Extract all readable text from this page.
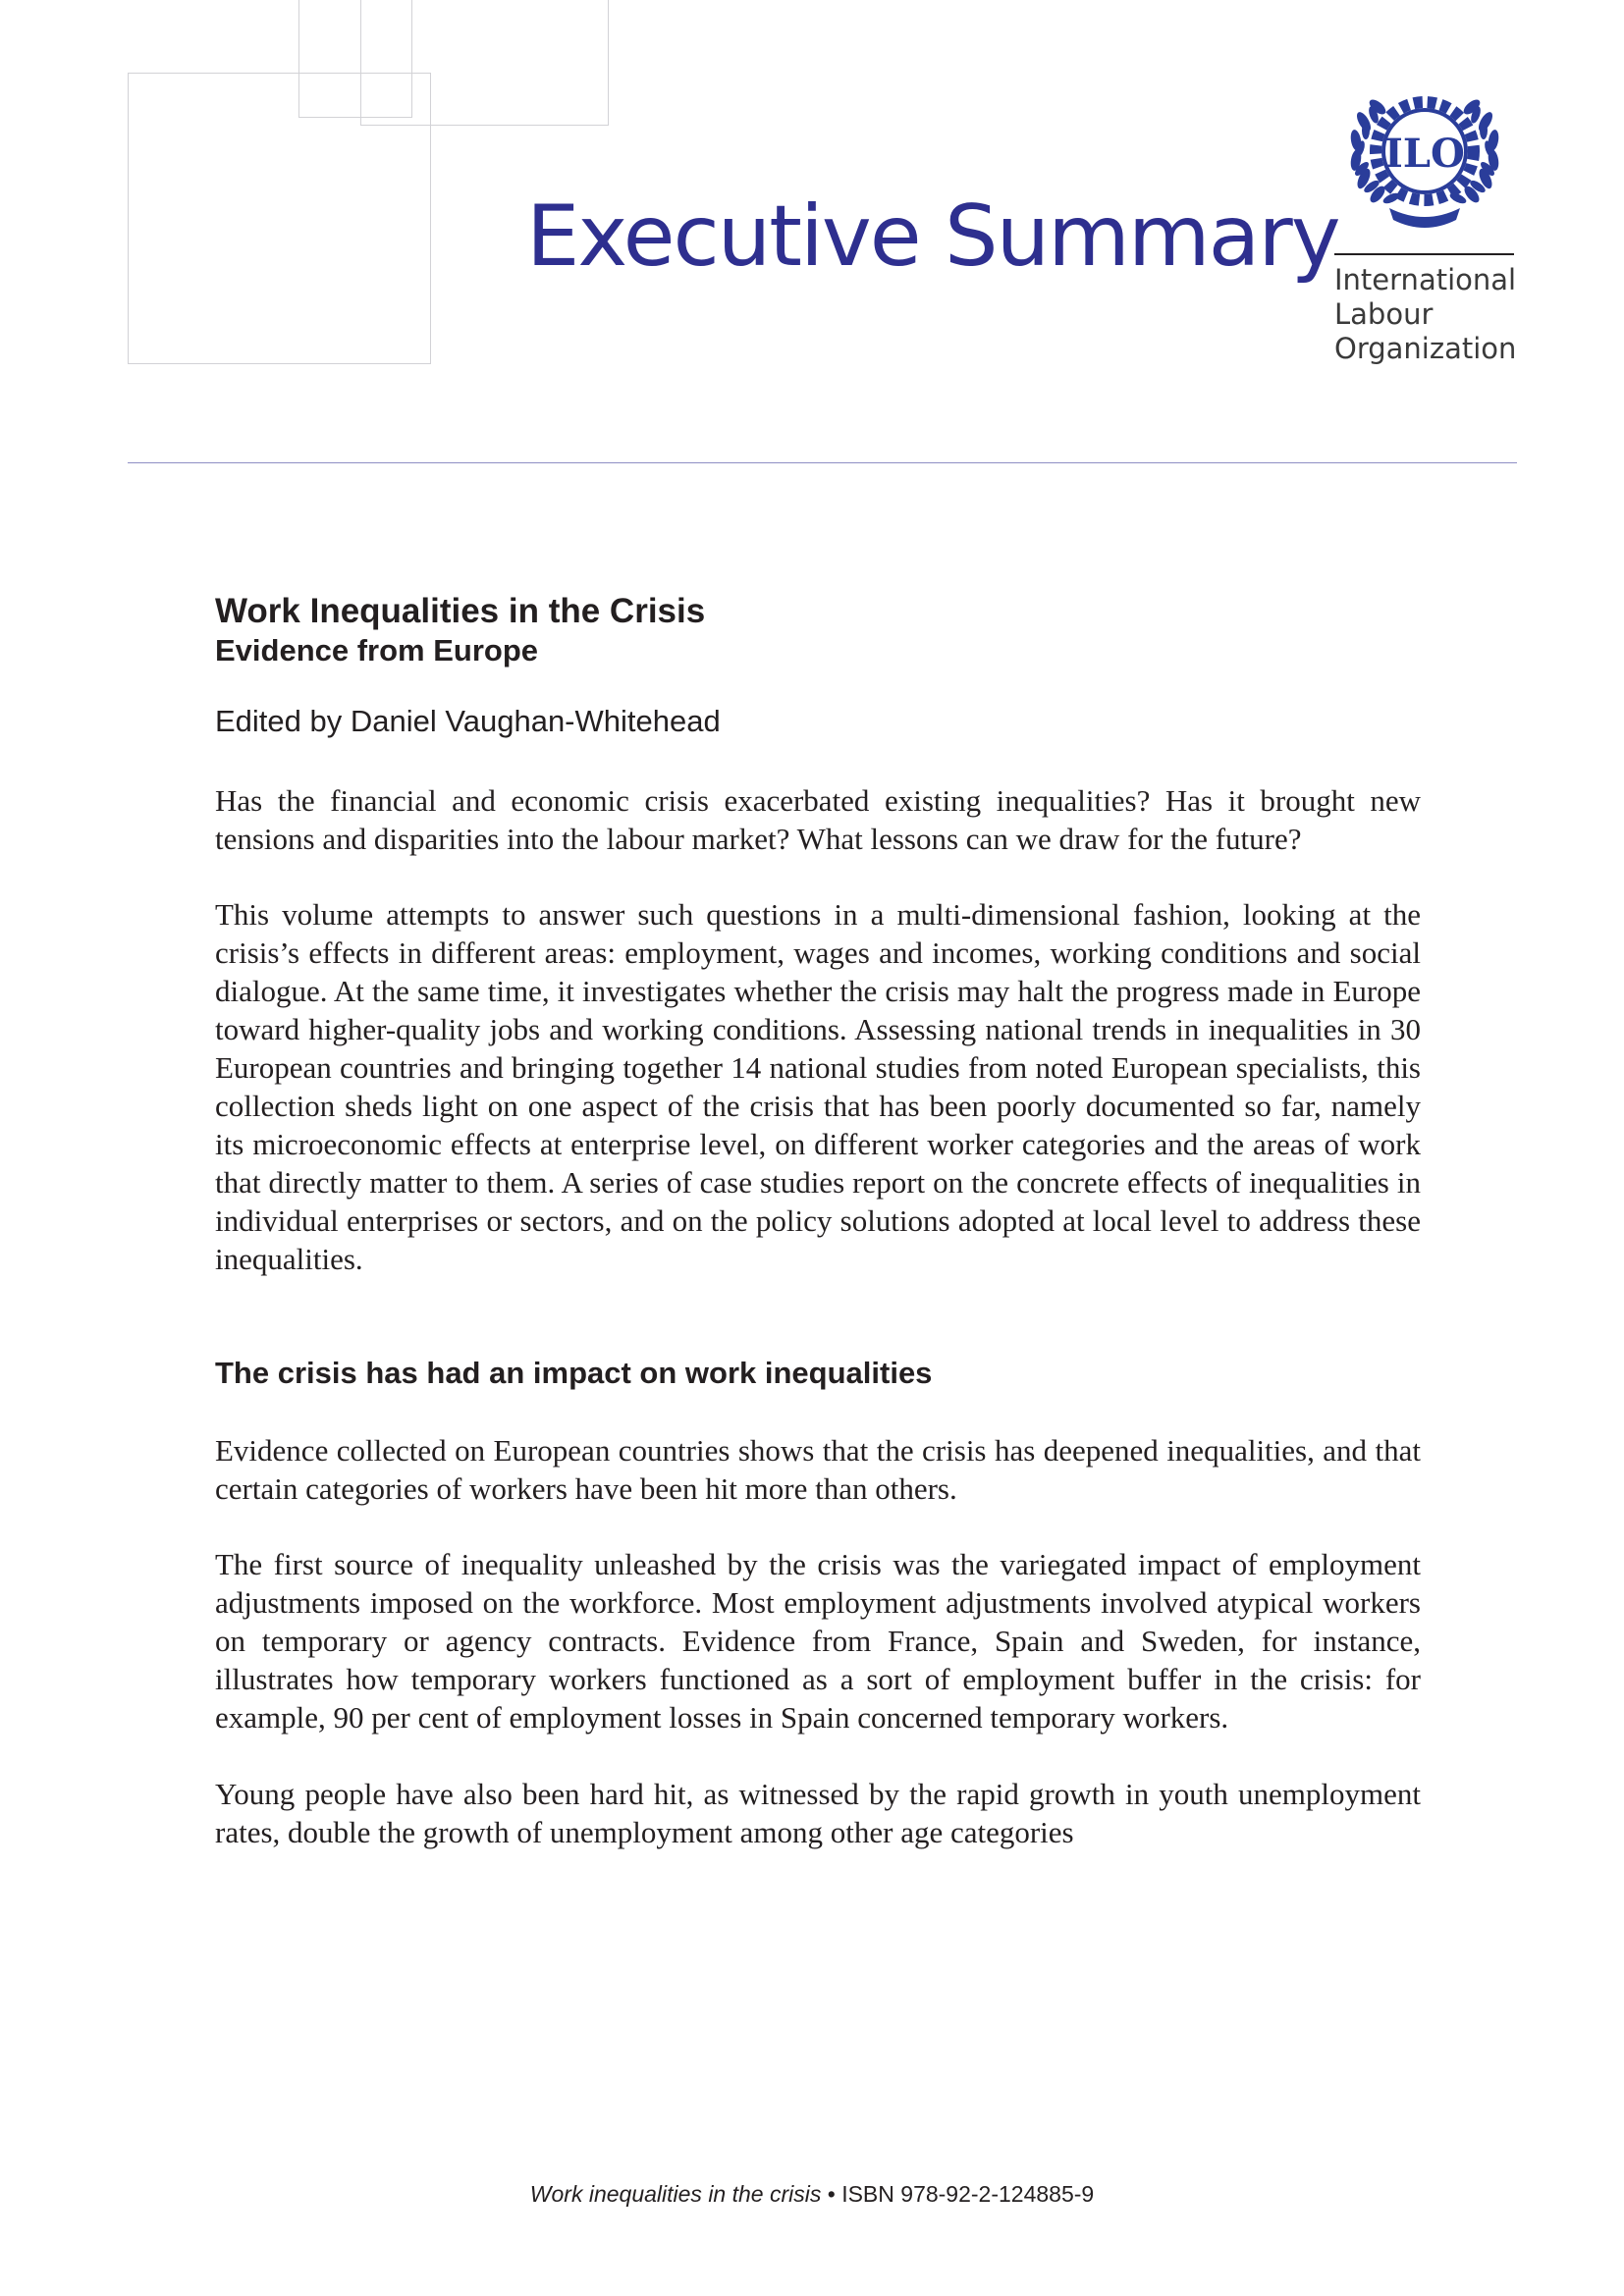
Executive Summary
ILO
International
Labour
Organization
Work Inequalities in the Crisis
Evidence from Europe

Edited by Daniel Vaughan-Whitehead

Has the financial and economic crisis exacerbated existing inequalities? Has it brought new tensions and disparities into the labour market? What lessons can we draw for the future?

This volume attempts to answer such questions in a multi-dimensional fashion, looking at the crisis’s effects in different areas: employment, wages and incomes, working conditions and social dialogue. At the same time, it investigates whether the crisis may halt the progress made in Europe toward higher-quality jobs and working conditions. Assessing national trends in inequalities in 30 European countries and bringing together 14 national studies from noted European specialists, this collection sheds light on one aspect of the crisis that has been poorly documented so far, namely its microeconomic effects at enterprise level, on different worker categories and the areas of work that directly matter to them. A series of case studies report on the concrete effects of inequalities in individual enterprises or sectors, and on the policy solutions adopted at local level to address these inequalities.

The crisis has had an impact on work inequalities

Evidence collected on European countries shows that the crisis has deepened inequalities, and that certain categories of workers have been hit more than others.

The first source of inequality unleashed by the crisis was the variegated impact of employment adjustments imposed on the workforce. Most employment adjustments involved atypical workers on temporary or agency contracts. Evidence from France, Spain and Sweden, for instance, illustrates how temporary workers functioned as a sort of employment buffer in the crisis: for example, 90 per cent of employment losses in Spain concerned temporary workers.

Young people have also been hard hit, as witnessed by the rapid growth in youth unemployment rates, double the growth of unemployment among other age categories

Work inequalities in the crisis • ISBN 978-92-2-124885-9
